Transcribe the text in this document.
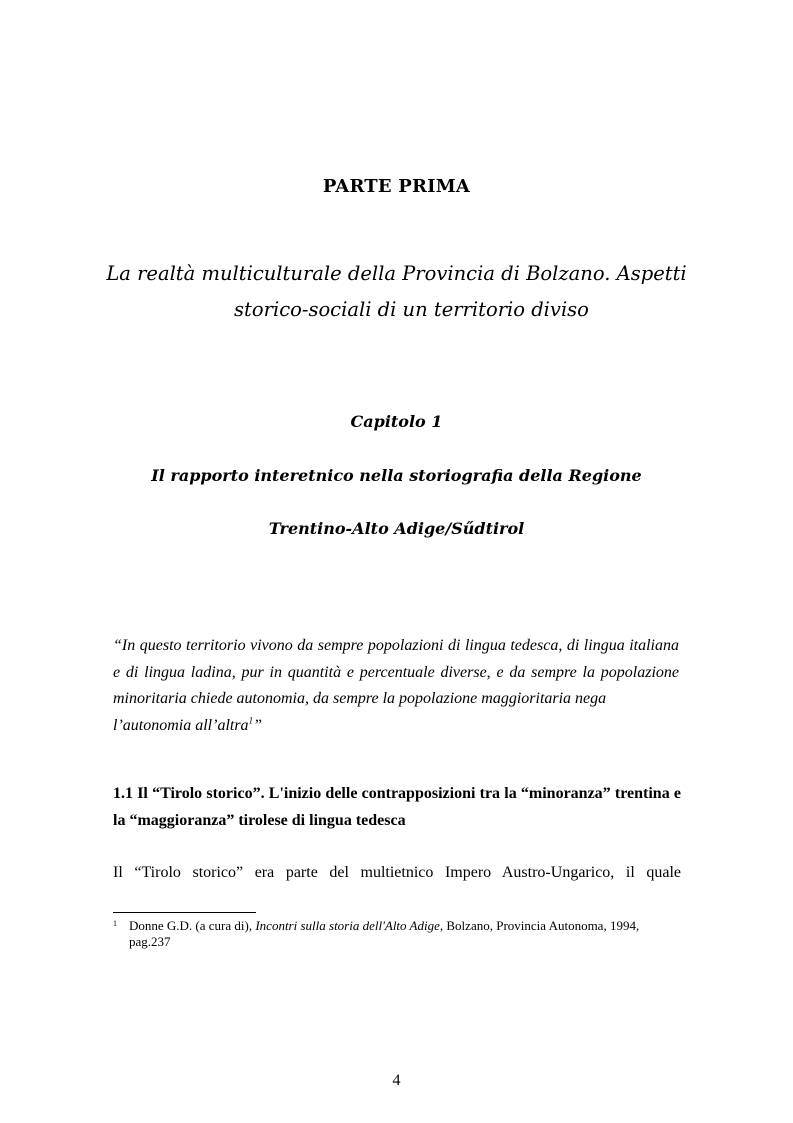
PARTE PRIMA
La realtà multiculturale della Provincia di Bolzano. Aspetti
storico-sociali di un territorio diviso
Capitolo 1
Il rapporto interetnico nella storiografia della Regione
Trentino-Alto Adige/Sűdtirol

“In questo territorio vivono da sempre popolazioni di lingua tedesca, di lingua italiana e di lingua ladina, pur in quantità e percentuale diverse, e da sempre la popolazione minoritaria chiede autonomia, da sempre la popolazione maggioritaria nega

l’autonomia all’altra$^1$”

1.1 Il “Tirolo storico”. L'inizio delle contrapposizioni tra la “minoranza” trentina e
la “maggioranza” tirolese di lingua tedesca
Il “Tirolo storico” era parte del multietnico Impero Austro-Ungarico, il quale
1 Donne G.D. (a cura di), Incontri sulla storia dell'Alto Adige, Bolzano, Provincia Autonoma, 1994,
pag.237
4
